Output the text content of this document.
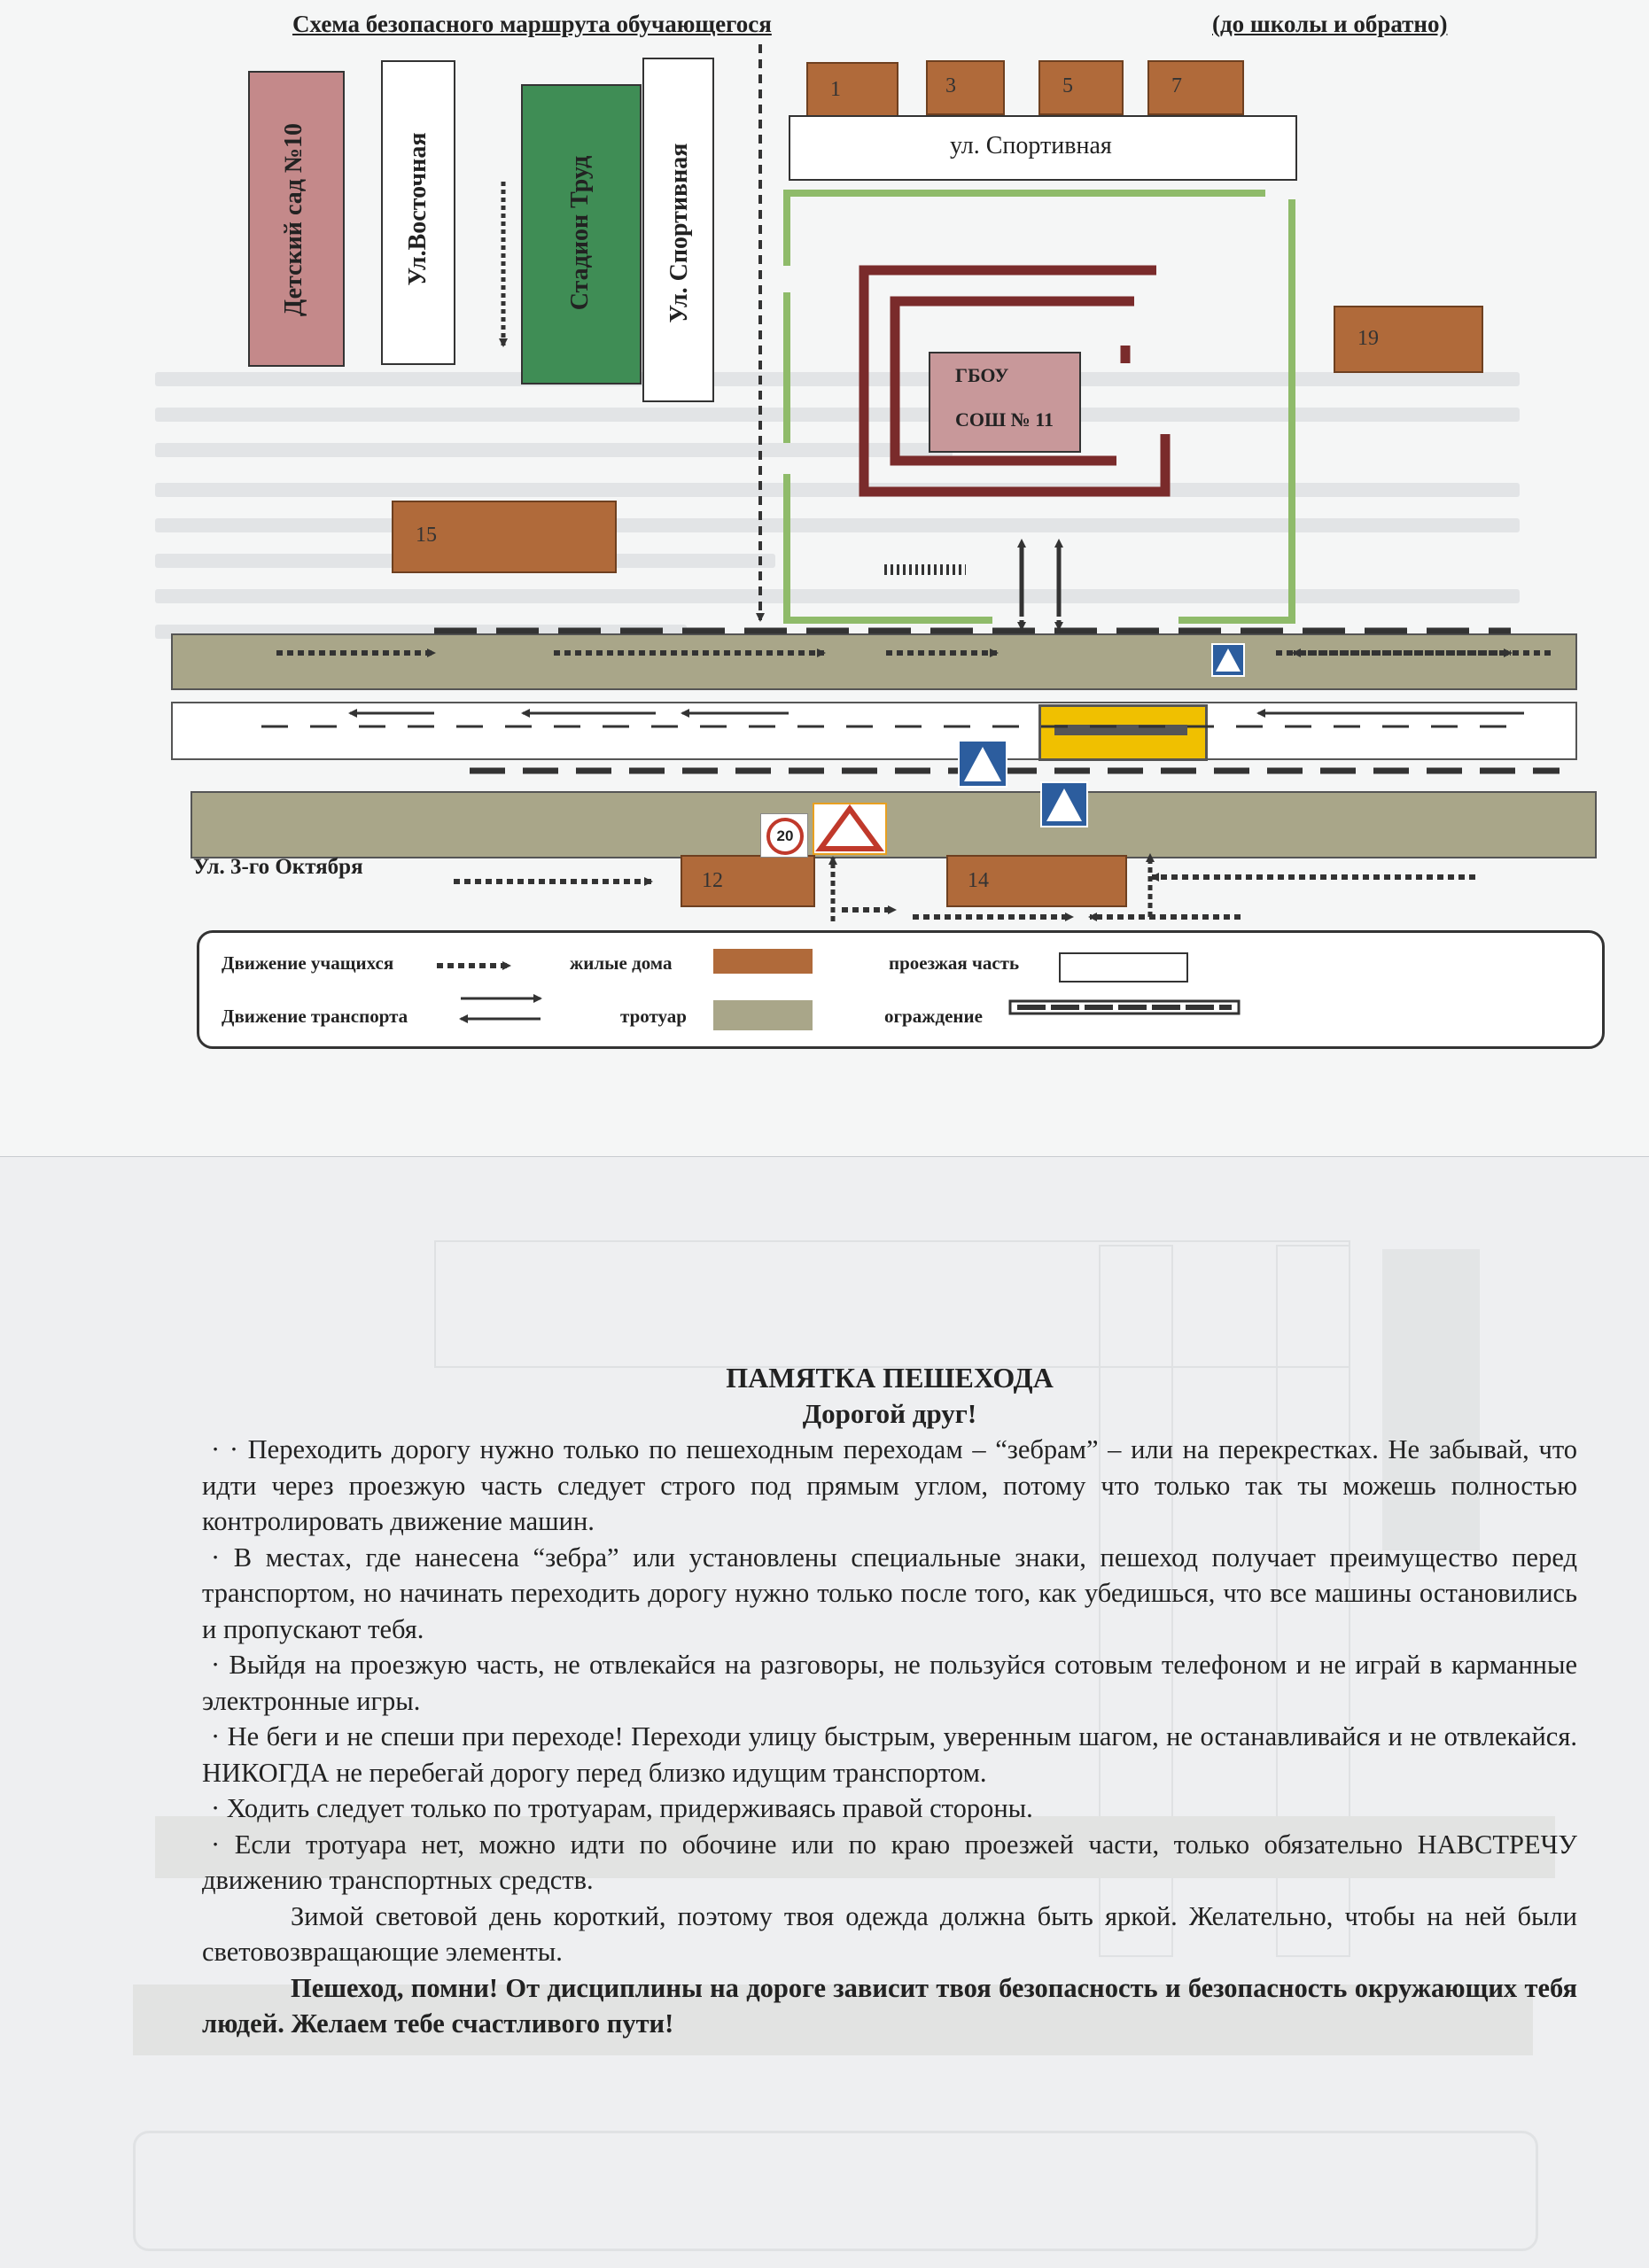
Схема безопасного маршрута обучающегося	(до школы и обратно)
Детский сад №10	Ул.Восточная	Стадион Труд	Ул. Спортивная
1	3	5	7
ул. Спортивная
19
15
ГБОУ
СОШ № 11
12	14
Ул. 3-го Октября
20
Движение учащихся
Движение транспорта
жилые дома
тротуар
проезжая часть
ограждение

ПАМЯТКА ПЕШЕХОДА

Дорогой друг!

· · Переходить дорогу нужно только по пешеходным переходам – “зебрам” – или на перекрестках. Не забывай, что идти через проезжую часть следует строго под прямым углом, потому что только так ты можешь полностью контролировать движение машин.

· В местах, где нанесена “зебра” или установлены специальные знаки, пешеход получает преимущество перед транспортом, но начинать переходить дорогу нужно только после того, как убедишься, что все машины остановились и пропускают тебя.

· Выйдя на проезжую часть, не отвлекайся на разговоры, не пользуйся сотовым телефоном и не играй в карманные электронные игры.

· Не беги и не спеши при переходе! Переходи улицу быстрым, уверенным шагом, не останавливайся и не отвлекайся. НИКОГДА не перебегай дорогу перед близко идущим транспортом.

· Ходить следует только по тротуарам, придерживаясь правой стороны.

· Если тротуара нет, можно идти по обочине или по краю проезжей части, только обязательно НАВСТРЕЧУ движению транспортных средств.

Зимой световой день короткий, поэтому твоя одежда должна быть яркой. Желательно, чтобы на ней были световозвращающие элементы.

Пешеход, помни! От дисциплины на дороге зависит твоя безопасность и безопасность окружающих тебя людей. Желаем тебе счастливого пути!
